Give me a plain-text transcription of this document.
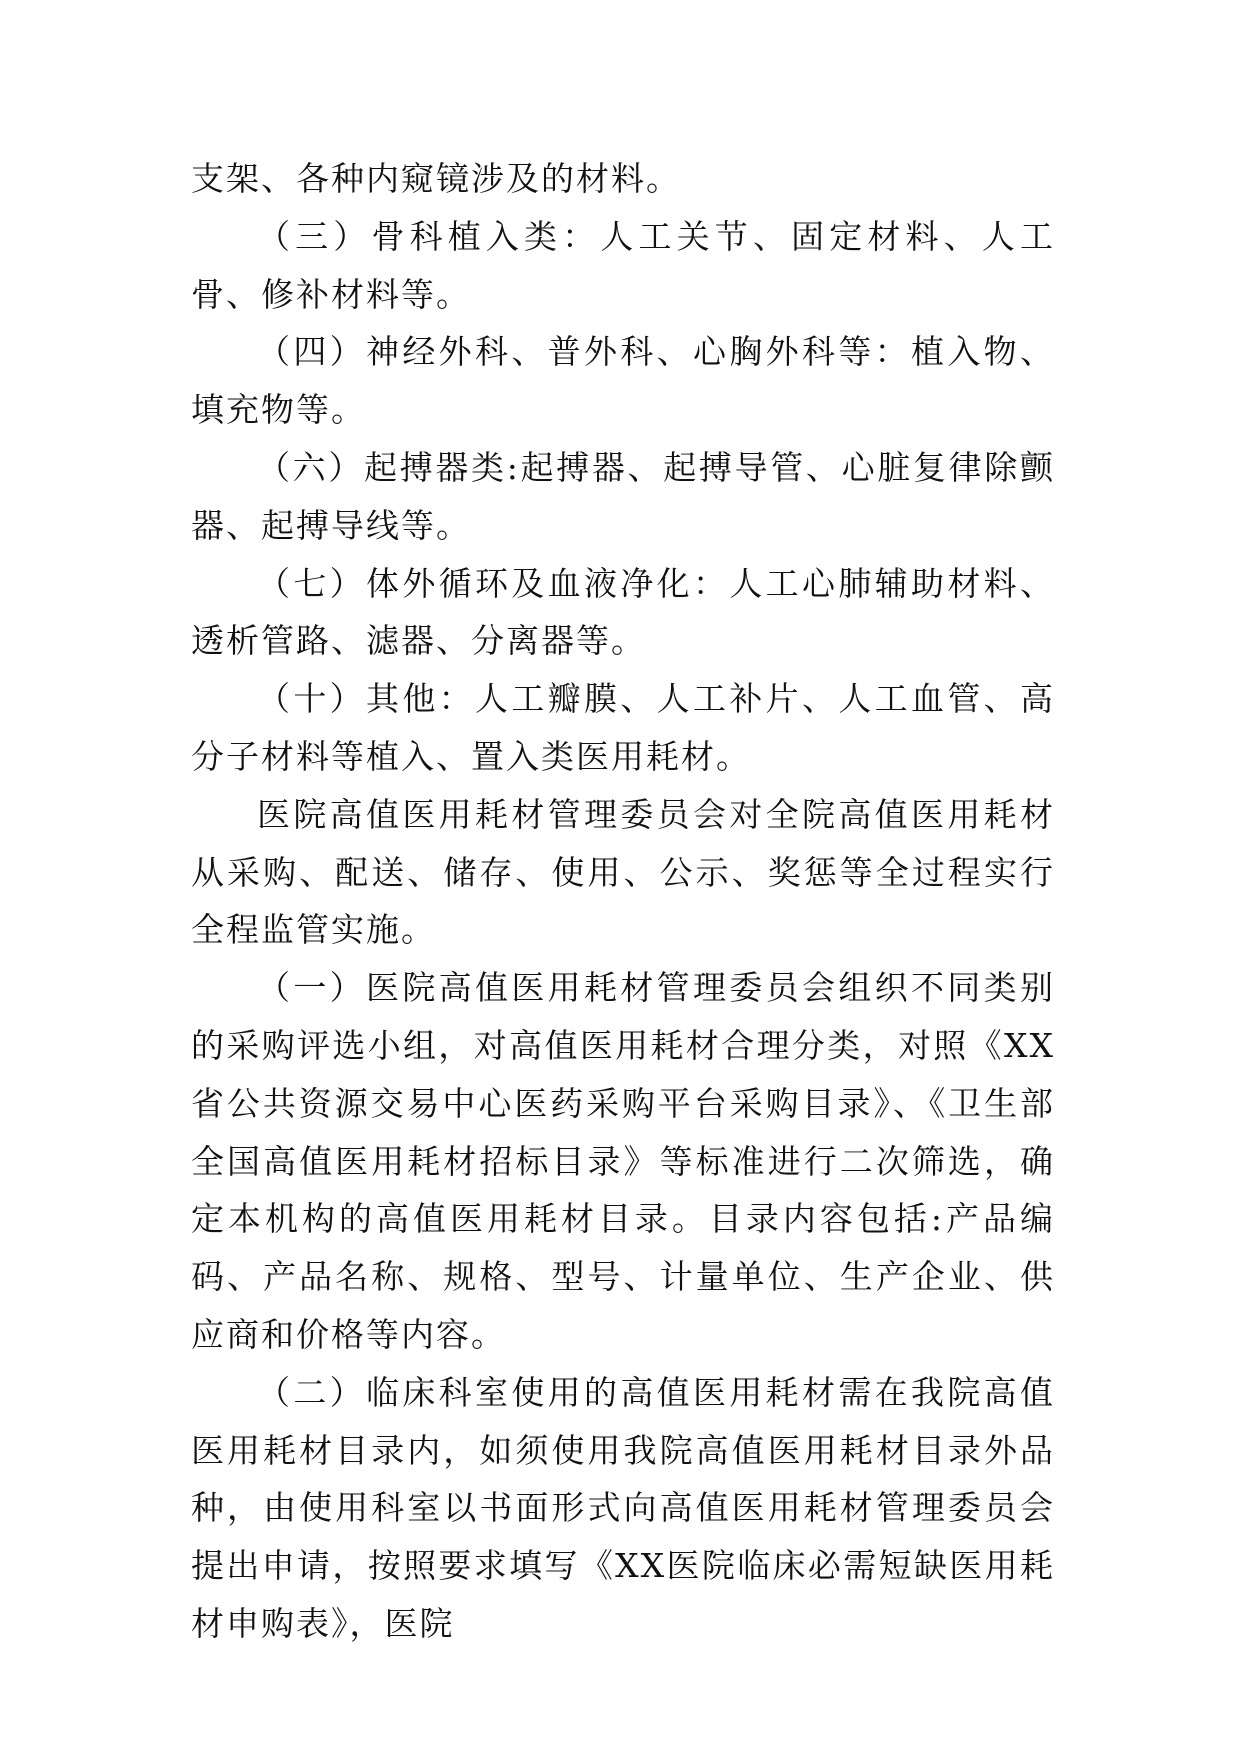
支架、各种内窥镜涉及的材料。

（三）骨科植入类：人工关节、固定材料、人工骨、修补材料等。

（四）神经外科、普外科、心胸外科等：植入物、填充物等。

（六）起搏器类:起搏器、起搏导管、心脏复律除颤器、起搏导线等。

（七）体外循环及血液净化：人工心肺辅助材料、透析管路、滤器、分离器等。

（十）其他：人工瓣膜、人工补片、人工血管、高分子材料等植入、置入类医用耗材。

医院高值医用耗材管理委员会对全院高值医用耗材从采购、配送、储存、使用、公示、奖惩等全过程实行全程监管实施。

（一）医院高值医用耗材管理委员会组织不同类别的采购评选小组，对高值医用耗材合理分类，对照《XX省公共资源交易中心医药采购平台采购目录》、《卫生部全国高值医用耗材招标目录》等标准进行二次筛选，确定本机构的高值医用耗材目录。目录内容包括:产品编码、产品名称、规格、型号、计量单位、生产企业、供应商和价格等内容。

（二）临床科室使用的高值医用耗材需在我院高值医用耗材目录内，如须使用我院高值医用耗材目录外品种，由使用科室以书面形式向高值医用耗材管理委员会提出申请，按照要求填写《XX医院临床必需短缺医用耗材申购表》，医院
